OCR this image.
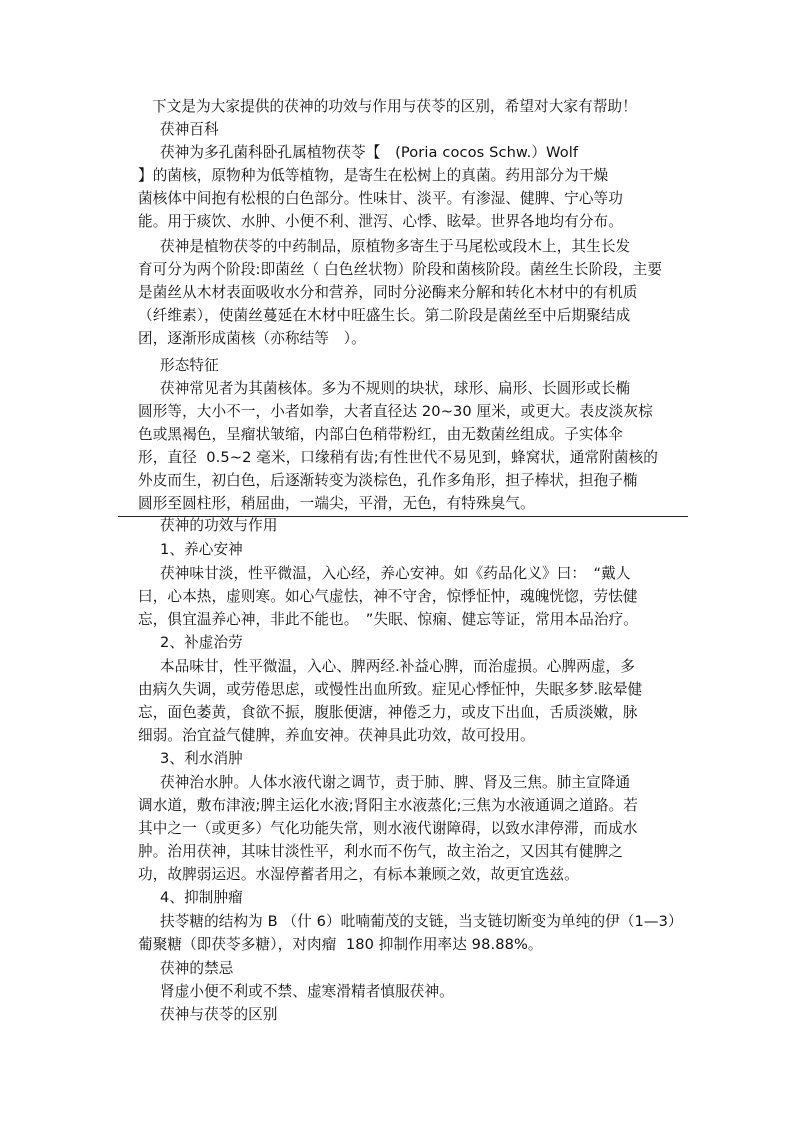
下文是为大家提供的茯神的功效与作用与茯苓的区别，希望对大家有帮助！
茯神百科
茯神为多孔菌科卧孔属植物茯苓【　(Poria cocos Schw.）Wolf
】的菌核，原物种为低等植物，是寄生在松树上的真菌。药用部分为干燥
菌核体中间抱有松根的白色部分。性味甘、淡平。有渗湿、健脾、宁心等功
能。用于痰饮、水肿、小便不利、泄泻、心悸、眩晕。世界各地均有分布。
茯神是植物茯苓的中药制品，原植物多寄生于马尾松或段木上，其生长发
育可分为两个阶段:即菌丝（ 白色丝状物）阶段和菌核阶段。菌丝生长阶段，主要
是菌丝从木材表面吸收水分和营养，同时分泌酶来分解和转化木材中的有机质
（纤维素），使菌丝蔓延在木材中旺盛生长。第二阶段是菌丝至中后期聚结成
团，逐渐形成菌核（亦称结等　）。
形态特征
茯神常见者为其菌核体。多为不规则的块状，球形、扁形、长圆形或长椭
圆形等，大小不一，小者如拳，大者直径达 20~30 厘米，或更大。表皮淡灰棕
色或黑褐色，呈瘤状皱缩，内部白色稍带粉红，由无数菌丝组成。子实体伞
形，直径  0.5~2 毫米，口缘稍有齿;有性世代不易见到，蜂窝状，通常附菌核的
外皮而生，初白色，后逐渐转变为淡棕色，孔作多角形，担子棒状，担孢子椭
圆形至圆柱形，稍屈曲，一端尖，平滑，无色，有特殊臭气。
茯神的功效与作用
1、养心安神
茯神味甘淡，性平微温，入心经，养心安神。如《药品化义》曰：　“戴人
曰，心本热，虚则寒。如心气虚怯，神不守舍，惊悸怔忡，魂魄恍惚，劳怯健
忘，俱宜温养心神，非此不能也。　”失眠、惊痫、健忘等证，常用本品治疗。
2、补虚治劳
本品味甘，性平微温，入心、脾两经.补益心脾，而治虚损。心脾两虚，多
由病久失调，或劳倦思虑，或慢性出血所致。症见心悸怔忡，失眠多梦.眩晕健
忘，面色萎黄，食欲不振，腹胀便溏，神倦乏力，或皮下出血，舌质淡嫩，脉
细弱。治宜益气健脾，养血安神。茯神具此功效，故可投用。
3、利水消肿
茯神治水肿。人体水液代谢之调节，责于肺、脾、肾及三焦。肺主宣降通
调水道，敷布津液;脾主运化水液;肾阳主水液蒸化;三焦为水液通调之道路。若
其中之一（或更多）气化功能失常，则水液代谢障碍，以致水津停滞，而成水
肿。治用茯神，其味甘淡性平，利水而不伤气，故主治之，又因其有健脾之
功，故脾弱运迟。水湿停蓄者用之，有标本兼顾之效，故更宜选兹。
4、抑制肿瘤
扶苓糖的结构为 B （什 6）吡喃葡茂的支链，当支链切断变为单纯的伊（1—3）
葡聚糖（即茯苓多糖），对肉瘤  180 抑制作用率达 98.88%。
茯神的禁忌
肾虚小便不利或不禁、虚寒滑精者慎服茯神。
茯神与茯苓的区别
